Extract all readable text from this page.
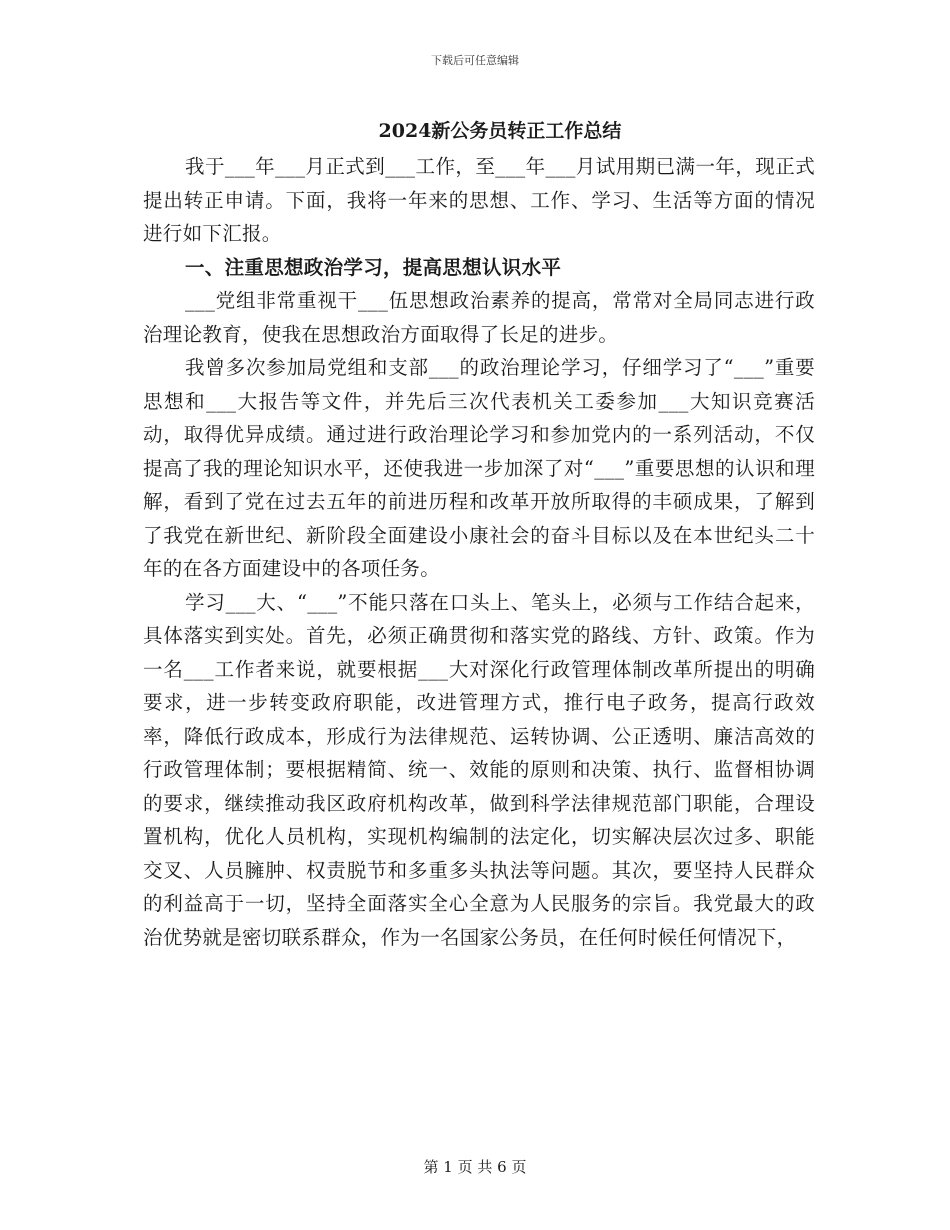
下载后可任意编辑
2024新公务员转正工作总结

我于___年___月正式到___工作，至___年___月试用期已满一年，现正式提出转正申请。下面，我将一年来的思想、工作、学习、生活等方面的情况进行如下汇报。

一、注重思想政治学习，提高思想认识水平

___党组非常重视干___伍思想政治素养的提高，常常对全局同志进行政治理论教育，使我在思想政治方面取得了长足的进步。

我曾多次参加局党组和支部___的政治理论学习，仔细学习了“___”重要思想和___大报告等文件，并先后三次代表机关工委参加___大知识竞赛活动，取得优异成绩。通过进行政治理论学习和参加党内的一系列活动，不仅提高了我的理论知识水平，还使我进一步加深了对“___”重要思想的认识和理解，看到了党在过去五年的前进历程和改革开放所取得的丰硕成果，了解到了我党在新世纪、新阶段全面建设小康社会的奋斗目标以及在本世纪头二十年的在各方面建设中的各项任务。

学习___大、“___”不能只落在口头上、笔头上，必须与工作结合起来，具体落实到实处。首先，必须正确贯彻和落实党的路线、方针、政策。作为一名___工作者来说，就要根据___大对深化行政管理体制改革所提出的明确要求，进一步转变政府职能，改进管理方式，推行电子政务，提高行政效率，降低行政成本，形成行为法律规范、运转协调、公正透明、廉洁高效的行政管理体制；要根据精简、统一、效能的原则和决策、执行、监督相协调的要求，继续推动我区政府机构改革，做到科学法律规范部门职能，合理设置机构，优化人员机构，实现机构编制的法定化，切实解决层次过多、职能交叉、人员臃肿、权责脱节和多重多头执法等问题。其次，要坚持人民群众的利益高于一切，坚持全面落实全心全意为人民服务的宗旨。我党最大的政治优势就是密切联系群众，作为一名国家公务员，在任何时候任何情况下，

第 1 页 共 6 页
